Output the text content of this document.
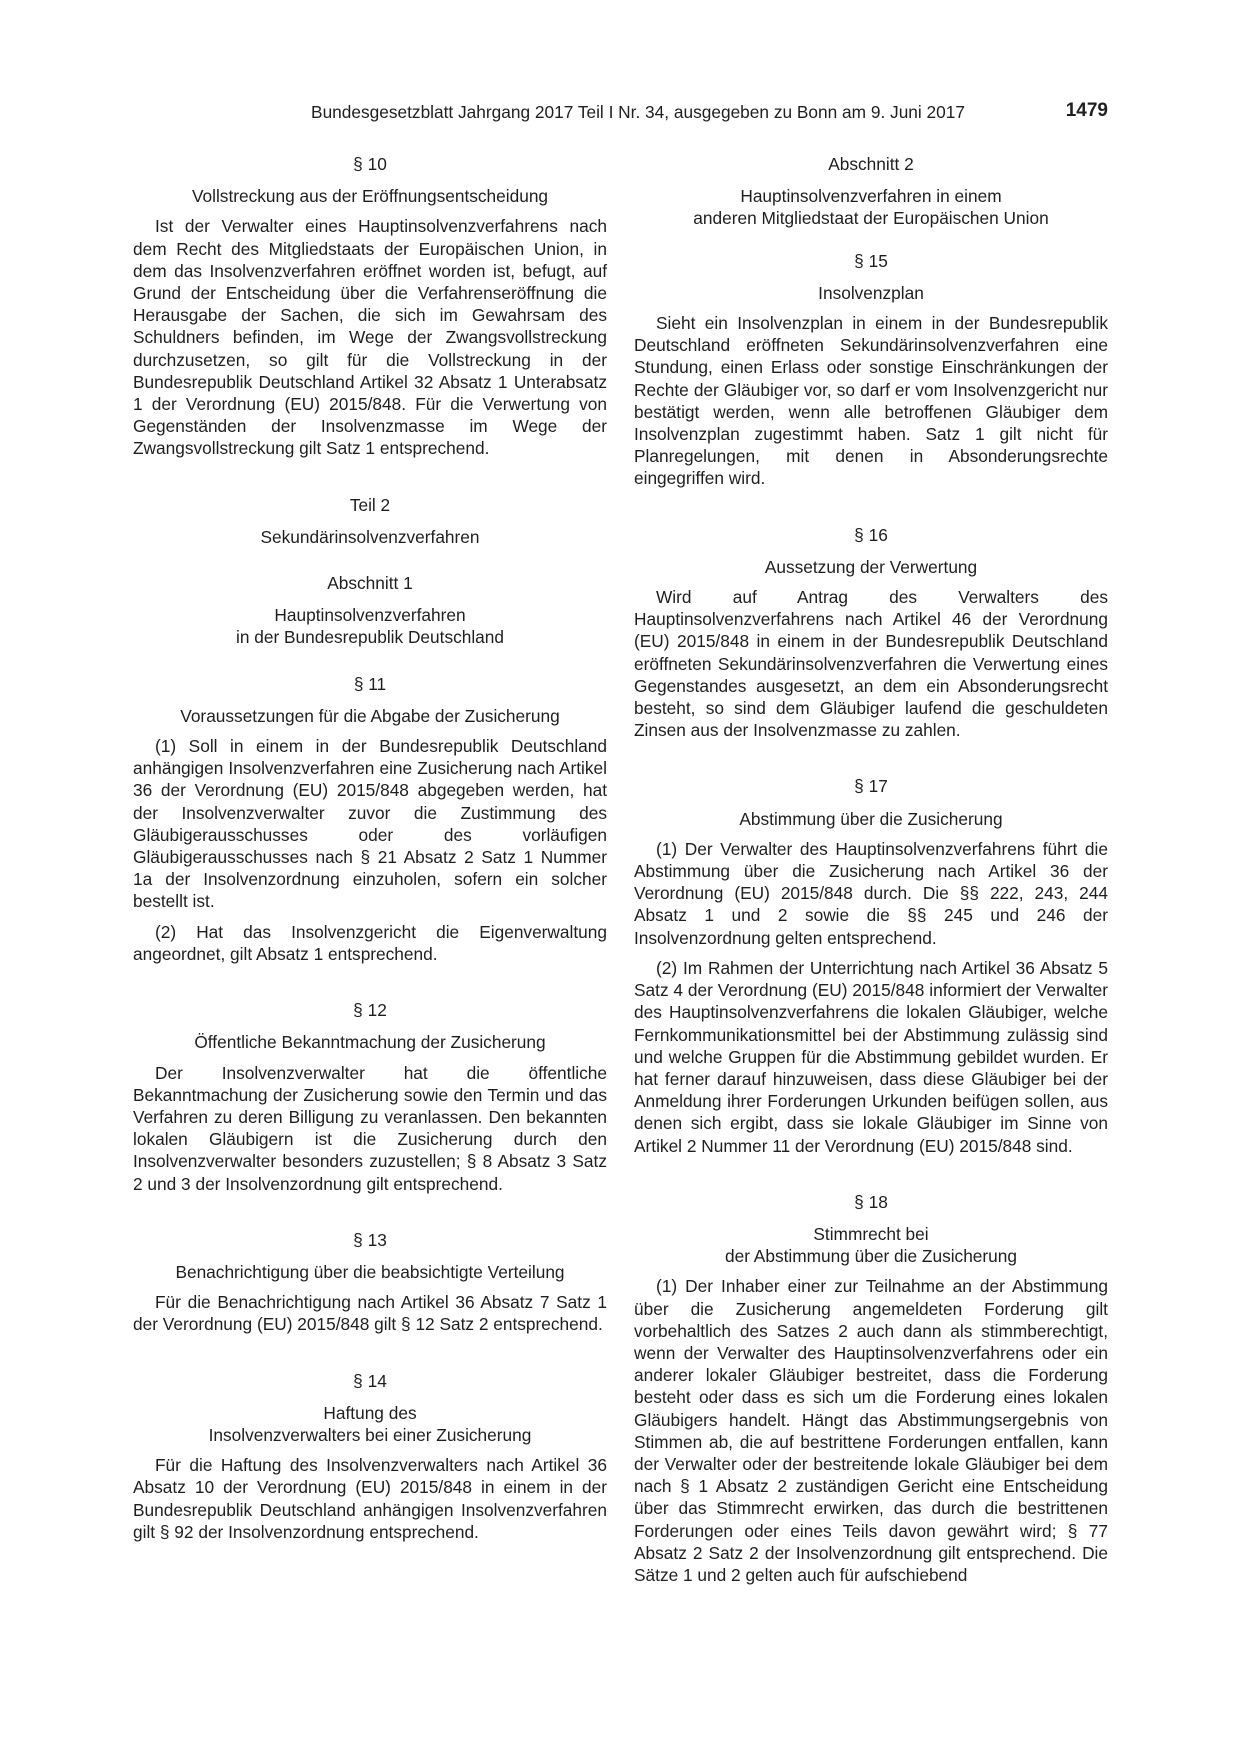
Bundesgesetzblatt Jahrgang 2017 Teil I Nr. 34, ausgegeben zu Bonn am 9. Juni 2017	1479

§ 10

Vollstreckung aus der Eröffnungsentscheidung

Ist der Verwalter eines Hauptinsolvenzverfahrens nach dem Recht des Mitgliedstaats der Europäischen Union, in dem das Insolvenzverfahren eröffnet worden ist, befugt, auf Grund der Entscheidung über die Verfahrenseröffnung die Herausgabe der Sachen, die sich im Gewahrsam des Schuldners befinden, im Wege der Zwangsvollstreckung durchzusetzen, so gilt für die Vollstreckung in der Bundesrepublik Deutschland Artikel 32 Absatz 1 Unterabsatz 1 der Verordnung (EU) 2015/848. Für die Verwertung von Gegenständen der Insolvenzmasse im Wege der Zwangsvollstreckung gilt Satz 1 entsprechend.

Teil 2

Sekundärinsolvenzverfahren

Abschnitt 1

Hauptinsolvenzverfahren

in der Bundesrepublik Deutschland

§ 11

Voraussetzungen für die Abgabe der Zusicherung

(1) Soll in einem in der Bundesrepublik Deutschland anhängigen Insolvenzverfahren eine Zusicherung nach Artikel 36 der Verordnung (EU) 2015/848 abgegeben werden, hat der Insolvenzverwalter zuvor die Zustimmung des Gläubigerausschusses oder des vorläufigen Gläubigerausschusses nach § 21 Absatz 2 Satz 1 Nummer 1a der Insolvenzordnung einzuholen, sofern ein solcher bestellt ist.

(2) Hat das Insolvenzgericht die Eigenverwaltung angeordnet, gilt Absatz 1 entsprechend.

§ 12

Öffentliche Bekanntmachung der Zusicherung

Der Insolvenzverwalter hat die öffentliche Bekanntmachung der Zusicherung sowie den Termin und das Verfahren zu deren Billigung zu veranlassen. Den bekannten lokalen Gläubigern ist die Zusicherung durch den Insolvenzverwalter besonders zuzustellen; § 8 Absatz 3 Satz 2 und 3 der Insolvenzordnung gilt entsprechend.

§ 13

Benachrichtigung über die beabsichtigte Verteilung

Für die Benachrichtigung nach Artikel 36 Absatz 7 Satz 1 der Verordnung (EU) 2015/848 gilt § 12 Satz 2 entsprechend.

§ 14

Haftung des

Insolvenzverwalters bei einer Zusicherung

Für die Haftung des Insolvenzverwalters nach Artikel 36 Absatz 10 der Verordnung (EU) 2015/848 in einem in der Bundesrepublik Deutschland anhängigen Insolvenzverfahren gilt § 92 der Insolvenzordnung entsprechend.

Abschnitt 2

Hauptinsolvenzverfahren in einem

anderen Mitgliedstaat der Europäischen Union

§ 15

Insolvenzplan

Sieht ein Insolvenzplan in einem in der Bundesrepublik Deutschland eröffneten Sekundärinsolvenzverfahren eine Stundung, einen Erlass oder sonstige Einschränkungen der Rechte der Gläubiger vor, so darf er vom Insolvenzgericht nur bestätigt werden, wenn alle betroffenen Gläubiger dem Insolvenzplan zugestimmt haben. Satz 1 gilt nicht für Planregelungen, mit denen in Absonderungsrechte eingegriffen wird.

§ 16

Aussetzung der Verwertung

Wird auf Antrag des Verwalters des Hauptinsolvenzverfahrens nach Artikel 46 der Verordnung (EU) 2015/848 in einem in der Bundesrepublik Deutschland eröffneten Sekundärinsolvenzverfahren die Verwertung eines Gegenstandes ausgesetzt, an dem ein Absonderungsrecht besteht, so sind dem Gläubiger laufend die geschuldeten Zinsen aus der Insolvenzmasse zu zahlen.

§ 17

Abstimmung über die Zusicherung

(1) Der Verwalter des Hauptinsolvenzverfahrens führt die Abstimmung über die Zusicherung nach Artikel 36 der Verordnung (EU) 2015/848 durch. Die §§ 222, 243, 244 Absatz 1 und 2 sowie die §§ 245 und 246 der Insolvenzordnung gelten entsprechend.

(2) Im Rahmen der Unterrichtung nach Artikel 36 Absatz 5 Satz 4 der Verordnung (EU) 2015/848 informiert der Verwalter des Hauptinsolvenzverfahrens die lokalen Gläubiger, welche Fernkommunikationsmittel bei der Abstimmung zulässig sind und welche Gruppen für die Abstimmung gebildet wurden. Er hat ferner darauf hinzuweisen, dass diese Gläubiger bei der Anmeldung ihrer Forderungen Urkunden beifügen sollen, aus denen sich ergibt, dass sie lokale Gläubiger im Sinne von Artikel 2 Nummer 11 der Verordnung (EU) 2015/848 sind.

§ 18

Stimmrecht bei

der Abstimmung über die Zusicherung

(1) Der Inhaber einer zur Teilnahme an der Abstimmung über die Zusicherung angemeldeten Forderung gilt vorbehaltlich des Satzes 2 auch dann als stimmberechtigt, wenn der Verwalter des Hauptinsolvenzverfahrens oder ein anderer lokaler Gläubiger bestreitet, dass die Forderung besteht oder dass es sich um die Forderung eines lokalen Gläubigers handelt. Hängt das Abstimmungsergebnis von Stimmen ab, die auf bestrittene Forderungen entfallen, kann der Verwalter oder der bestreitende lokale Gläubiger bei dem nach § 1 Absatz 2 zuständigen Gericht eine Entscheidung über das Stimmrecht erwirken, das durch die bestrittenen Forderungen oder eines Teils davon gewährt wird; § 77 Absatz 2 Satz 2 der Insolvenzordnung gilt entsprechend. Die Sätze 1 und 2 gelten auch für aufschiebend
